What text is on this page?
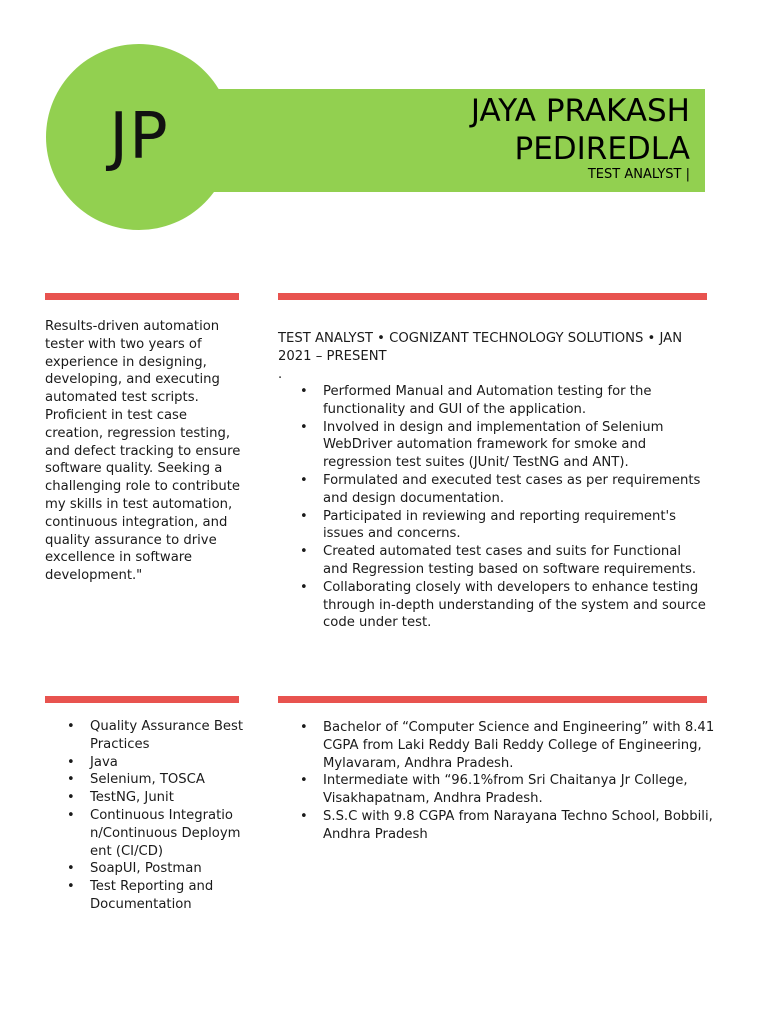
JP	JAYA PRAKASH
PEDIREDLA
TEST ANALYST |

Results-driven automation tester with two years of experience in designing, developing, and executing automated test scripts. Proficient in test case creation, regression testing, and defect tracking to ensure software quality. Seeking a challenging role to contribute my skills in test automation, continuous integration, and quality assurance to drive excellence in software development."

TEST ANALYST • COGNIZANT TECHNOLOGY SOLUTIONS • JAN 2021 – PRESENT
.
• Performed Manual and Automation testing for the functionality and GUI of the application.
• Involved in design and implementation of Selenium WebDriver automation framework for smoke and regression test suites (JUnit/ TestNG and ANT).
• Formulated and executed test cases as per requirements and design documentation.
• Participated in reviewing and reporting requirement's issues and concerns.
• Created automated test cases and suits for Functional and Regression testing based on software requirements.
• Collaborating closely with developers to enhance testing through in-depth understanding of the system and source code under test.
• Quality Assurance Best Practices
• Java
• Selenium, TOSCA
• TestNG, Junit
• Continuous Integration/Continuous Deployment (CI/CD)
• SoapUI, Postman
• Test Reporting and Documentation
• Bachelor of “Computer Science and Engineering” with 8.41 CGPA from Laki Reddy Bali Reddy College of Engineering, Mylavaram, Andhra Pradesh.
• Intermediate with “96.1%from Sri Chaitanya Jr College, Visakhapatnam, Andhra Pradesh.
• S.S.C with 9.8 CGPA from Narayana Techno School, Bobbili, Andhra Pradesh
